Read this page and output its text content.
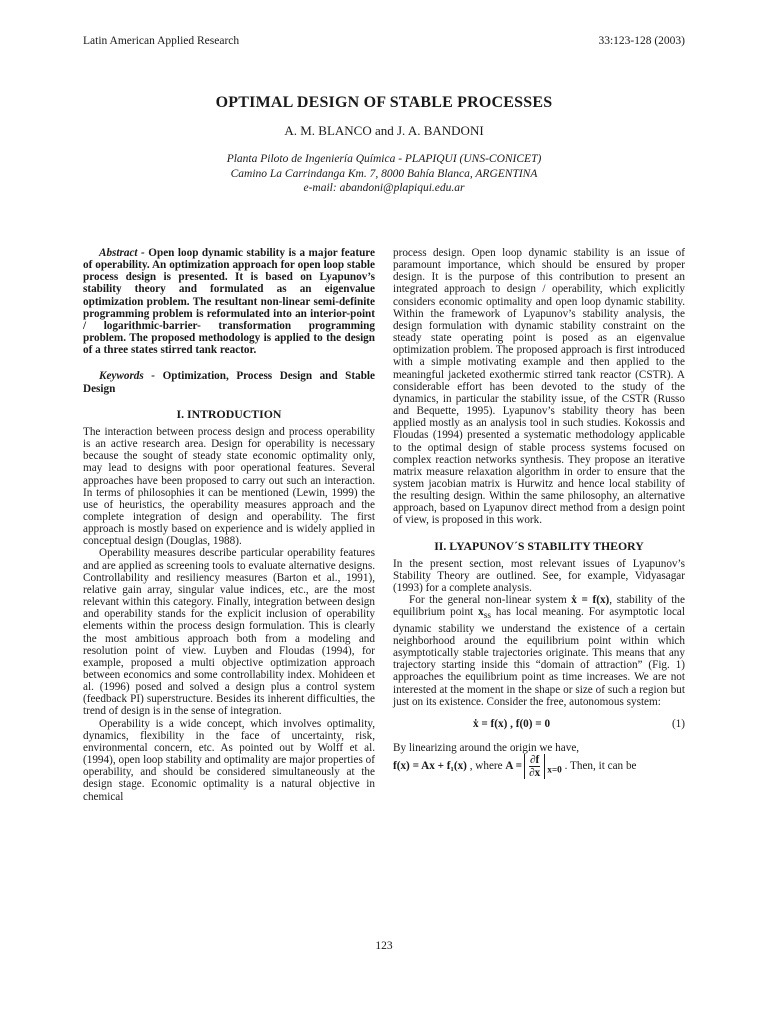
Latin American Applied Research	33:123-128 (2003)
OPTIMAL DESIGN OF STABLE PROCESSES
A. M. BLANCO and J. A. BANDONI
Planta Piloto de Ingeniería Química - PLAPIQUI (UNS-CONICET)
Camino La Carrindanga Km. 7, 8000 Bahía Blanca, ARGENTINA
e-mail: abandoni@plapiqui.edu.ar

Abstract - Open loop dynamic stability is a major feature of operability. An optimization approach for open loop stable process design is presented. It is based on Lyapunov’s stability theory and formulated as an eigenvalue optimization problem. The resultant non-linear semi-definite programming problem is reformulated into an interior-point / logarithmic-barrier- transformation programming problem. The proposed methodology is applied to the design of a three states stirred tank reactor.

Keywords - Optimization, Process Design and Stable Design

I. INTRODUCTION

The interaction between process design and process operability is an active research area. Design for operability is necessary because the sought of steady state economic optimality only, may lead to designs with poor operational features. Several approaches have been proposed to carry out such an interaction. In terms of philosophies it can be mentioned (Lewin, 1999) the use of heuristics, the operability measures approach and the complete integration of design and operability. The first approach is mostly based on experience and is widely applied in conceptual design (Douglas, 1988).

Operability measures describe particular operability features and are applied as screening tools to evaluate alternative designs. Controllability and resiliency measures (Barton et al., 1991), relative gain array, singular value indices, etc., are the most relevant within this category. Finally, integration between design and operability stands for the explicit inclusion of operability elements within the process design formulation. This is clearly the most ambitious approach both from a modeling and resolution point of view. Luyben and Floudas (1994), for example, proposed a multi objective optimization approach between economics and some controllability index. Mohideen et al. (1996) posed and solved a design plus a control system (feedback PI) superstructure. Besides its inherent difficulties, the trend of design is in the sense of integration.

Operability is a wide concept, which involves optimality, dynamics, flexibility in the face of uncertainty, risk, environmental concern, etc. As pointed out by Wolff et al. (1994), open loop stability and optimality are major properties of operability, and should be considered simultaneously at the design stage. Economic optimality is a natural objective in chemical

process design. Open loop dynamic stability is an issue of paramount importance, which should be ensured by proper design. It is the purpose of this contribution to present an integrated approach to design / operability, which explicitly considers economic optimality and open loop dynamic stability. Within the framework of Lyapunov’s stability analysis, the design formulation with dynamic stability constraint on the steady state operating point is posed as an eigenvalue optimization problem. The proposed approach is first introduced with a simple motivating example and then applied to the meaningful jacketed exothermic stirred tank reactor (CSTR). A considerable effort has been devoted to the study of the dynamics, in particular the stability issue, of the CSTR (Russo and Bequette, 1995). Lyapunov’s stability theory has been applied mostly as an analysis tool in such studies. Kokossis and Floudas (1994) presented a systematic methodology applicable to the optimal design of stable process systems focused on complex reaction networks synthesis. They propose an iterative matrix measure relaxation algorithm in order to ensure that the system jacobian matrix is Hurwitz and hence local stability of the resulting design. Within the same philosophy, an alternative approach, based on Lyapunov direct method from a design point of view, is proposed in this work.

II. LYAPUNOV´S STABILITY THEORY

In the present section, most relevant issues of Lyapunov’s Stability Theory are outlined. See, for example, Vidyasagar (1993) for a complete analysis.

For the general non-linear system ẋ = f(x), stability of the equilibrium point $x_{ss}$ has local meaning. For asymptotic local dynamic stability we understand the existence of a certain neighborhood around the equilibrium point within which asymptotically stable trajectories originate. This means that any trajectory starting inside this “domain of attraction” (Fig. 1) approaches the equilibrium point as time increases. We are not interested at the moment in the shape or size of such a region but just on its existence. Consider the free, autonomous system:

ẋ = f(x) , f(0) = 0	(1)

By linearizing around the origin we have,

f(x) = Ax + f₁(x) , where $A = \frac{\partial f}{\partial x} _{x=0}$ . Then, it can be

123
